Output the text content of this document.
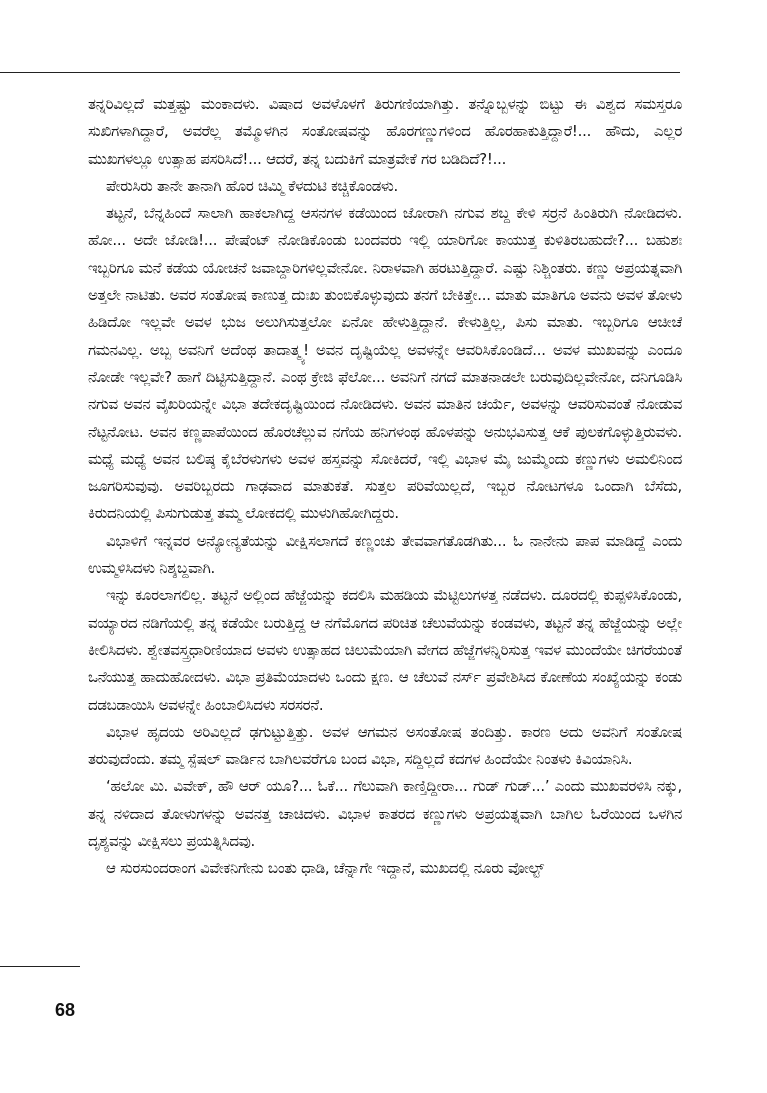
ತನ್ನರಿವಿಲ್ಲದೆ ಮತ್ತಷ್ಟು ಮಂಕಾದಳು. ವಿಷಾದ ಅವಳೊಳಗೆ ತಿರುಗಣಿಯಾಗಿತ್ತು. ತನ್ನೊಬ್ಬಳನ್ನು ಬಿಟ್ಟು ಈ ವಿಶ್ವದ ಸಮಸ್ತರೂ ಸುಖಿಗಳಾಗಿದ್ದಾರೆ, ಅವರೆಲ್ಲ ತಮ್ಮೊಳಗಿನ ಸಂತೋಷವನ್ನು ಹೊರಗಣ್ಣುಗಳಿಂದ ಹೊರಹಾಕುತ್ತಿದ್ದಾರೆ!... ಹೌದು, ಎಲ್ಲರ ಮುಖಗಳಲ್ಲೂ ಉತ್ಸಾಹ ಪಸರಿಸಿದೆ!... ಆದರೆ, ತನ್ನ ಬದುಕಿಗೆ ಮಾತ್ರವೇಕೆ ಗರ ಬಡಿದಿದೆ?!...

ಪೇರುಸಿರು ತಾನೇ ತಾನಾಗಿ ಹೊರ ಚಿಮ್ಮಿ ಕೆಳದುಟಿ ಕಚ್ಚಿಕೊಂಡಳು.

ತಟ್ಟನೆ, ಬೆನ್ನಹಿಂದೆ ಸಾಲಾಗಿ ಹಾಕಲಾಗಿದ್ದ ಆಸನಗಳ ಕಡೆಯಿಂದ ಜೋರಾಗಿ ನಗುವ ಶಬ್ದ ಕೇಳಿ ಸರ‍್ರನೆ ಹಿಂತಿರುಗಿ ನೋಡಿದಳು. ಹೋ... ಅದೇ ಜೋಡಿ!... ಪೇಷೆಂಟ್ ನೋಡಿಕೊಂಡು ಬಂದವರು ಇಲ್ಲಿ ಯಾರಿಗೋ ಕಾಯುತ್ತ ಕುಳಿತಿರಬಹುದೇ?... ಬಹುಶಃ ಇಬ್ಬರಿಗೂ ಮನೆ ಕಡೆಯ ಯೋಚನೆ ಜವಾಬ್ದಾರಿಗಳಿಲ್ಲವೇನೋ. ನಿರಾಳವಾಗಿ ಹರಟುತ್ತಿದ್ದಾರೆ. ಎಷ್ಟು ನಿಶ್ಚಿಂತರು. ಕಣ್ಣು ಅಪ್ರಯತ್ನವಾಗಿ ಅತ್ತಲೇ ನಾಟಿತು. ಅವರ ಸಂತೋಷ ಕಾಣುತ್ತ ದುಃಖ ತುಂಬಿಕೊಳ್ಳುವುದು ತನಗೆ ಬೇಕಿತ್ತೇ... ಮಾತು ಮಾತಿಗೂ ಅವನು ಅವಳ ತೋಳು ಹಿಡಿದೋ ಇಲ್ಲವೇ ಅವಳ ಭುಜ ಅಲುಗಿಸುತ್ತಲೋ ಏನೋ ಹೇಳುತ್ತಿದ್ದಾನೆ. ಕೇಳುತ್ತಿಲ್ಲ, ಪಿಸು ಮಾತು. ಇಬ್ಬರಿಗೂ ಆಚೀಚೆ ಗಮನವಿಲ್ಲ. ಅಬ್ಬ ಅವನಿಗೆ ಅದೆಂಥ ತಾದಾತ್ಮ್ಯ! ಅವನ ದೃಷ್ಟಿಯೆಲ್ಲ ಅವಳನ್ನೇ ಆವರಿಸಿಕೊಂಡಿದೆ... ಅವಳ ಮುಖವನ್ನು ಎಂದೂ ನೋಡೇ ಇಲ್ಲವೇ? ಹಾಗೆ ದಿಟ್ಟಿಸುತ್ತಿದ್ದಾನೆ. ಎಂಥ ಕ್ರೇಜಿ ಫೆಲೋ... ಅವನಿಗೆ ನಗದೆ ಮಾತನಾಡಲೇ ಬರುವುದಿಲ್ಲವೇನೋ, ದನಿಗೂಡಿಸಿ ನಗುವ ಅವನ ವೈಖರಿಯನ್ನೇ ವಿಭಾ ತದೇಕದೃಷ್ಟಿಯಿಂದ ನೋಡಿದಳು. ಅವನ ಮಾತಿನ ಚರ್ಯೆ, ಅವಳನ್ನು ಆವರಿಸುವಂತೆ ನೋಡುವ ನೆಟ್ಟನೋಟ. ಅವನ ಕಣ್ಣಪಾಪೆಯಿಂದ ಹೊರಚೆಲ್ಲುವ ನಗೆಯ ಹನಿಗಳಂಥ ಹೊಳಪನ್ನು ಅನುಭವಿಸುತ್ತ ಆಕೆ ಪುಲಕಗೊಳ್ಳುತ್ತಿರುವಳು. ಮಧ್ಯೆ ಮಧ್ಯೆ ಅವನ ಬಲಿಷ್ಠ ಕೈಬೆರಳುಗಳು ಅವಳ ಹಸ್ತವನ್ನು ಸೋಕಿದರೆ, ಇಲ್ಲಿ ವಿಭಾಳ ಮೈ ಜುಮ್ಮೆಂದು ಕಣ್ಣುಗಳು ಅಮಲಿನಿಂದ ಜೂಗರಿಸುವುವು. ಅವರಿಬ್ಬರದು ಗಾಢವಾದ ಮಾತುಕತೆ. ಸುತ್ತಲ ಪರಿವೆಯಿಲ್ಲದೆ, ಇಬ್ಬರ ನೋಟಗಳೂ ಒಂದಾಗಿ ಬೆಸೆದು, ಕಿರುದನಿಯಲ್ಲಿ ಪಿಸುಗುಡುತ್ತ ತಮ್ಮ ಲೋಕದಲ್ಲಿ ಮುಳುಗಿಹೋಗಿದ್ದರು.

ವಿಭಾಳಿಗೆ ಇನ್ನವರ ಅನ್ಯೋನ್ಯತೆಯನ್ನು ವೀಕ್ಷಿಸಲಾಗದೆ ಕಣ್ಣಂಚು ತೇವವಾಗತೊಡಗಿತು... ಓ ನಾನೇನು ಪಾಪ ಮಾಡಿದ್ದೆ ಎಂದು ಉಮ್ಮಳಿಸಿದಳು ನಿಶ್ಶಬ್ದವಾಗಿ.

ಇನ್ನು ಕೂರಲಾಗಲಿಲ್ಲ. ತಟ್ಟನೆ ಅಲ್ಲಿಂದ ಹೆಜ್ಜೆಯನ್ನು ಕದಲಿಸಿ ಮಹಡಿಯ ಮೆಟ್ಟಿಲುಗಳತ್ತ ನಡೆದಳು. ದೂರದಲ್ಲಿ ಕುಪ್ಪಳಿಸಿಕೊಂಡು, ವಯ್ಯಾರದ ನಡಿಗೆಯಲ್ಲಿ ತನ್ನ ಕಡೆಯೇ ಬರುತ್ತಿದ್ದ ಆ ನಗೆಮೊಗದ ಪರಿಚಿತ ಚೆಲುವೆಯನ್ನು ಕಂಡವಳು, ತಟ್ಟನೆ ತನ್ನ ಹೆಜ್ಜೆಯನ್ನು ಅಲ್ಲೇ ಕೀಲಿಸಿದಳು. ಶ್ವೇತವಸ್ತ್ರಧಾರಿಣಿಯಾದ ಅವಳು ಉತ್ಸಾಹದ ಚಿಲುಮೆಯಾಗಿ ವೇಗದ ಹೆಜ್ಜೆಗಳನ್ನಿರಿಸುತ್ತ ಇವಳ ಮುಂದೆಯೇ ಚಿಗರೆಯಂತೆ ಒನೆಯುತ್ತ ಹಾದುಹೋದಳು. ವಿಭಾ ಪ್ರತಿಮೆಯಾದಳು ಒಂದು ಕ್ಷಣ. ಆ ಚೆಲುವೆ ನರ್ಸ್ ಪ್ರವೇಶಿಸಿದ ಕೋಣೆಯ ಸಂಖ್ಯೆಯನ್ನು ಕಂಡು ದಡಬಡಾಯಿಸಿ ಅವಳನ್ನೇ ಹಿಂಬಾಲಿಸಿದಳು ಸರಸರನೆ.

ವಿಭಾಳ ಹೃದಯ ಅರಿವಿಲ್ಲದೆ ಢಗುಟ್ಟುತ್ತಿತ್ತು. ಅವಳ ಆಗಮನ ಅಸಂತೋಷ ತಂದಿತ್ತು. ಕಾರಣ ಅದು ಅವನಿಗೆ ಸಂತೋಷ ತರುವುದೆಂದು. ತಮ್ಮ ಸ್ಪೆಷಲ್ ವಾರ್ಡಿನ ಬಾಗಿಲವರೆಗೂ ಬಂದ ವಿಭಾ, ಸದ್ದಿಲ್ಲದೆ ಕದಗಳ ಹಿಂದೆಯೇ ನಿಂತಳು ಕಿವಿಯಾನಿಸಿ.

‘ಹಲೋ ಮಿ. ವಿವೇಕ್, ಹೌ ಆರ್ ಯೂ?... ಓಕೆ... ಗೆಲುವಾಗಿ ಕಾಣ್ತಿದ್ದೀರಾ... ಗುಡ್ ಗುಡ್...’ ಎಂದು ಮುಖವರಳಿಸಿ ನಕ್ಕು, ತನ್ನ ನಳಿದಾದ ತೋಳುಗಳನ್ನು ಅವನತ್ತ ಚಾಚಿದಳು. ವಿಭಾಳ ಕಾತರದ ಕಣ್ಣುಗಳು ಅಪ್ರಯತ್ನವಾಗಿ ಬಾಗಿಲ ಓರೆಯಿಂದ ಒಳಗಿನ ದೃಶ್ಯವನ್ನು ವೀಕ್ಷಿಸಲು ಪ್ರಯತ್ನಿಸಿದವು.

ಆ ಸುರಸುಂದರಾಂಗ ವಿವೇಕನಿಗೇನು ಬಂತು ಧಾಡಿ, ಚೆನ್ನಾಗೇ ಇದ್ದಾನೆ, ಮುಖದಲ್ಲಿ ನೂರು ವೋಲ್ಟ್

68
